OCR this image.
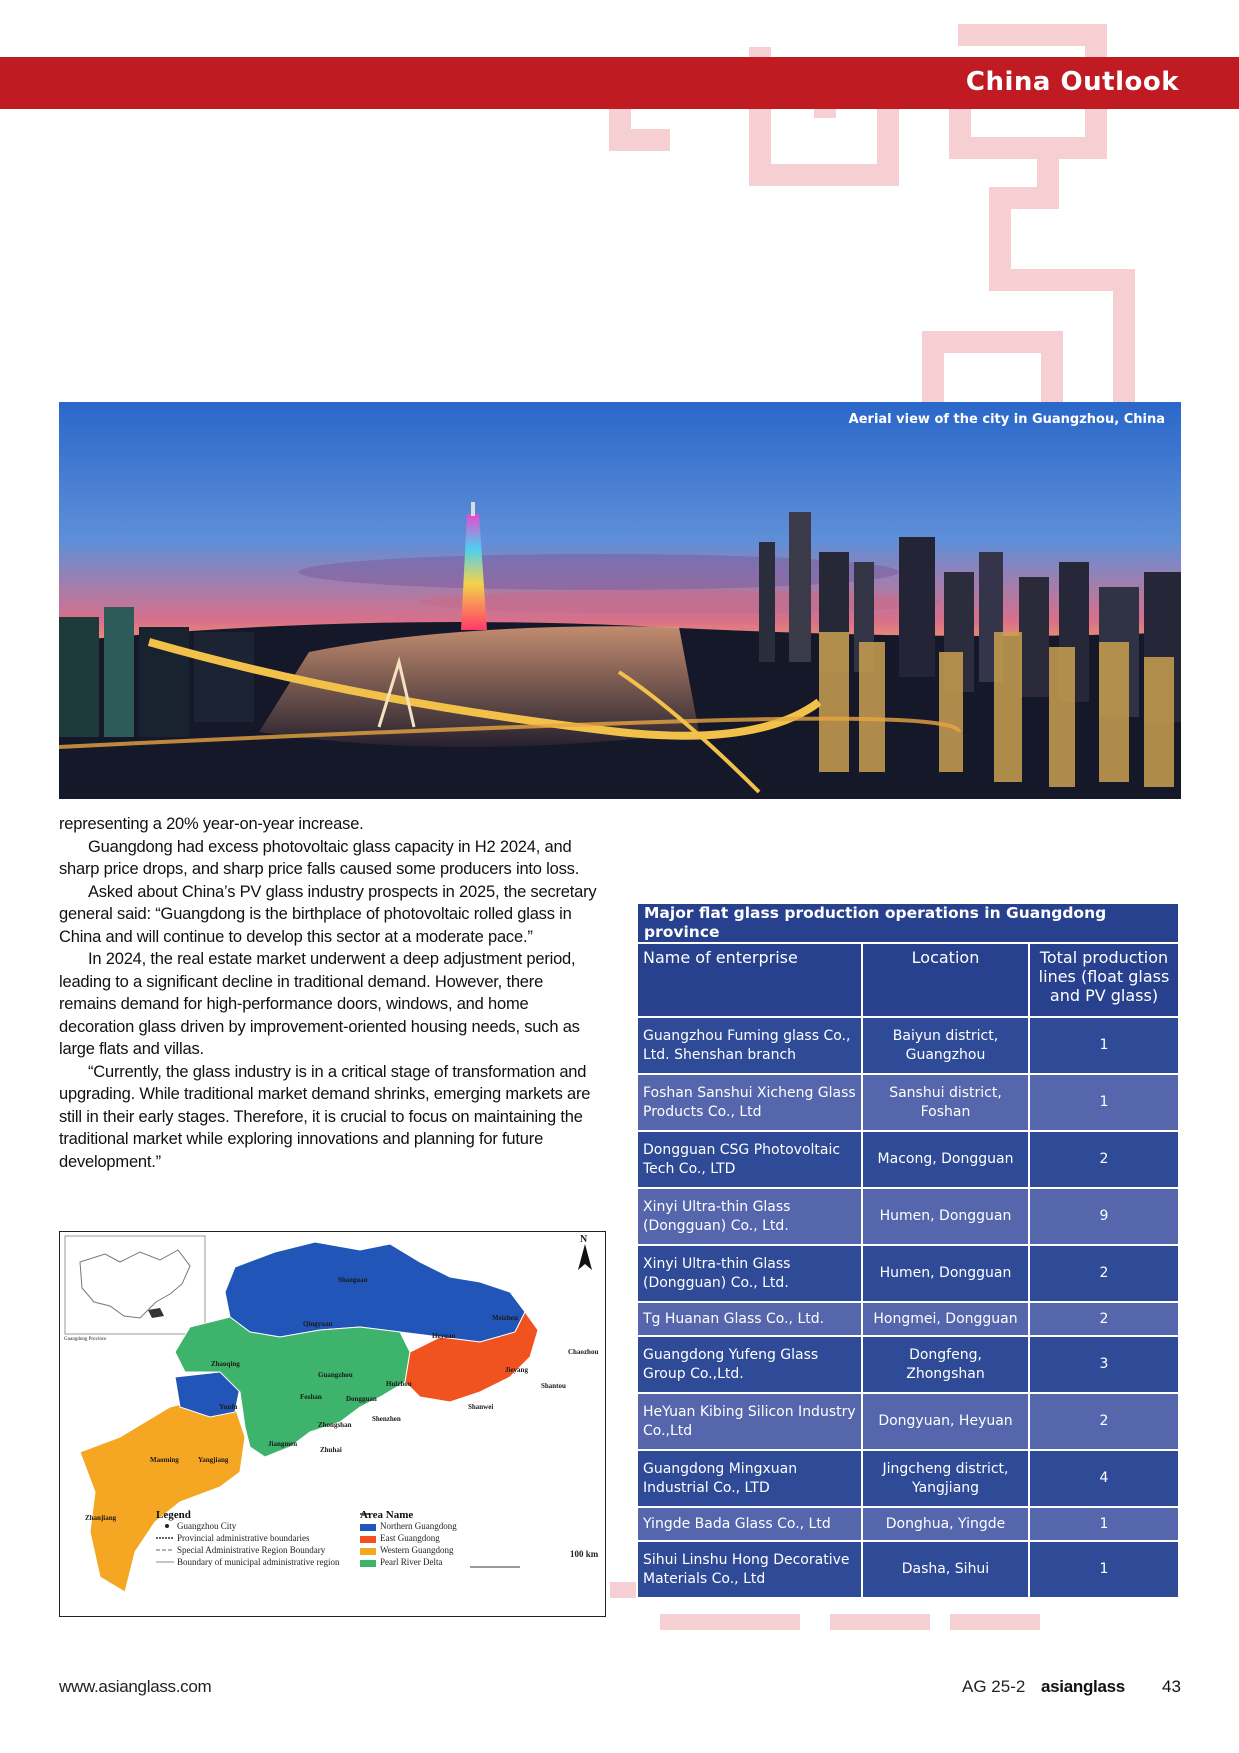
China Outlook
Aerial view of the city in Guangzhou, China

representing a 20% year-on-year increase.

Guangdong had excess photovoltaic glass capacity in H2 2024, and sharp price drops, and sharp price falls caused some producers into loss.

Asked about China’s PV glass industry prospects in 2025, the secretary general said: “Guangdong is the birthplace of photovoltaic rolled glass in China and will continue to develop this sector at a moderate pace.”

In 2024, the real estate market underwent a deep adjustment period, leading to a significant decline in traditional demand. However, there remains demand for high-performance doors, windows, and home decoration glass driven by improvement-oriented housing needs, such as large flats and villas.

“Currently, the glass industry is in a critical stage of transformation and upgrading. While traditional market demand shrinks, emerging markets are still in their early stages. Therefore, it is crucial to focus on maintaining the traditional market while exploring innovations and planning for future development.”

N
Guangdong Province
Shaoguan
Qingyuan
Heyuan
Meizhou
Chaozhou
Jieyang
Shantou
Shanwei
Zhaoqing
Guangzhou
Huizhou
Foshan	Dongguan
Yunfu
Shenzhen
Zhongshan
Jiangmen
Zhuhai
Maoming	Yangjiang
Zhanjiang	Legend
Guangzhou City
Provincial administrative boundaries
Special Administrative Region Boundary
Boundary of municipal administrative region
Area Name
Northern Guangdong
East Guangdong
Western Guangdong
Pearl River Delta
100 km
Major flat glass production operations in Guangdong province		
Name of enterprise	Location	Total production lines (float glass and PV glass)
Guangzhou Fuming glass Co., Ltd. Shenshan branch	Baiyun district, Guangzhou	1
Foshan Sanshui Xicheng Glass Products Co., Ltd	Sanshui district, Foshan	1
Dongguan CSG Photovoltaic Tech Co., LTD	Macong, Dongguan	2
Xinyi Ultra-thin Glass (Dongguan) Co., Ltd.	Humen, Dongguan	9
Xinyi Ultra-thin Glass (Dongguan) Co., Ltd.	Humen, Dongguan	2
Tg Huanan Glass Co., Ltd.	Hongmei, Dongguan	2
Guangdong Yufeng Glass Group Co.,Ltd.	Dongfeng, Zhongshan	3
HeYuan Kibing Silicon Industry Co.,Ltd	Dongyuan, Heyuan	2
Guangdong Mingxuan Industrial Co., LTD	Jingcheng district, Yangjiang	4
Yingde Bada Glass Co., Ltd	Donghua, Yingde	1
Sihui Linshu Hong Decorative Materials Co., Ltd	Dasha, Sihui	1
www.asianglass.com	AG 25-2 asianglass 43
